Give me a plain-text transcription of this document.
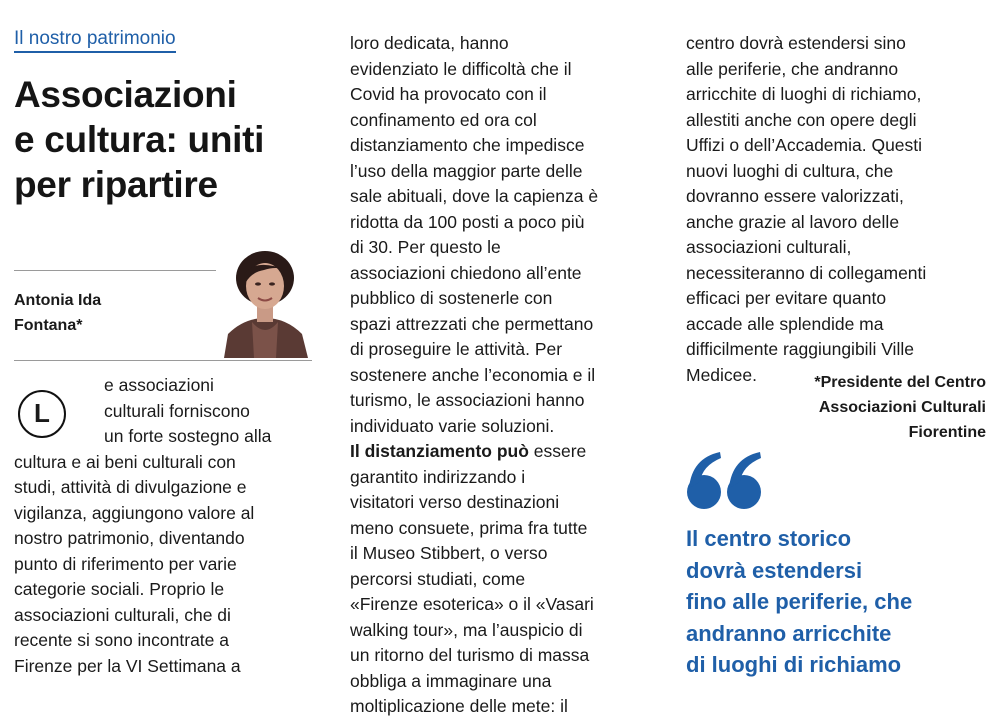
Il nostro patrimonio
Associazioni
e cultura: uniti
per ripartire
Antonia Ida
Fontana*
L
e associazioni
culturali forniscono
un forte sostegno alla
cultura e ai beni culturali con
studi, attività di divulgazione e
vigilanza, aggiungono valore al
nostro patrimonio, diventando
punto di riferimento per varie
categorie sociali. Proprio le
associazioni culturali, che di
recente si sono incontrate a
Firenze per la VI Settimana a
loro dedicata, hanno
evidenziato le difficoltà che il
Covid ha provocato con il
confinamento ed ora col
distanziamento che impedisce
l’uso della maggior parte delle
sale abituali, dove la capienza è
ridotta da 100 posti a poco più
di 30. Per questo le
associazioni chiedono all’ente
pubblico di sostenerle con
spazi attrezzati che permettano
di proseguire le attività. Per
sostenere anche l’economia e il
turismo, le associazioni hanno
individuato varie soluzioni.
Il distanziamento può essere
garantito indirizzando i
visitatori verso destinazioni
meno consuete, prima fra tutte
il Museo Stibbert, o verso
percorsi studiati, come
«Firenze esoterica» o il «Vasari
walking tour», ma l’auspicio di
un ritorno del turismo di massa
obbliga a immaginare una
moltiplicazione delle mete: il
centro dovrà estendersi sino
alle periferie, che andranno
arricchite di luoghi di richiamo,
allestiti anche con opere degli
Uffizi o dell’Accademia. Questi
nuovi luoghi di cultura, che
dovranno essere valorizzati,
anche grazie al lavoro delle
associazioni culturali,
necessiteranno di collegamenti
efficaci per evitare quanto
accade alle splendide ma
difficilmente raggiungibili Ville
Medicee.	*Presidente del Centro
Associazioni Culturali
Fiorentine
Il centro storico
dovrà estendersi
fino alle periferie, che
andranno arricchite
di luoghi di richiamo
